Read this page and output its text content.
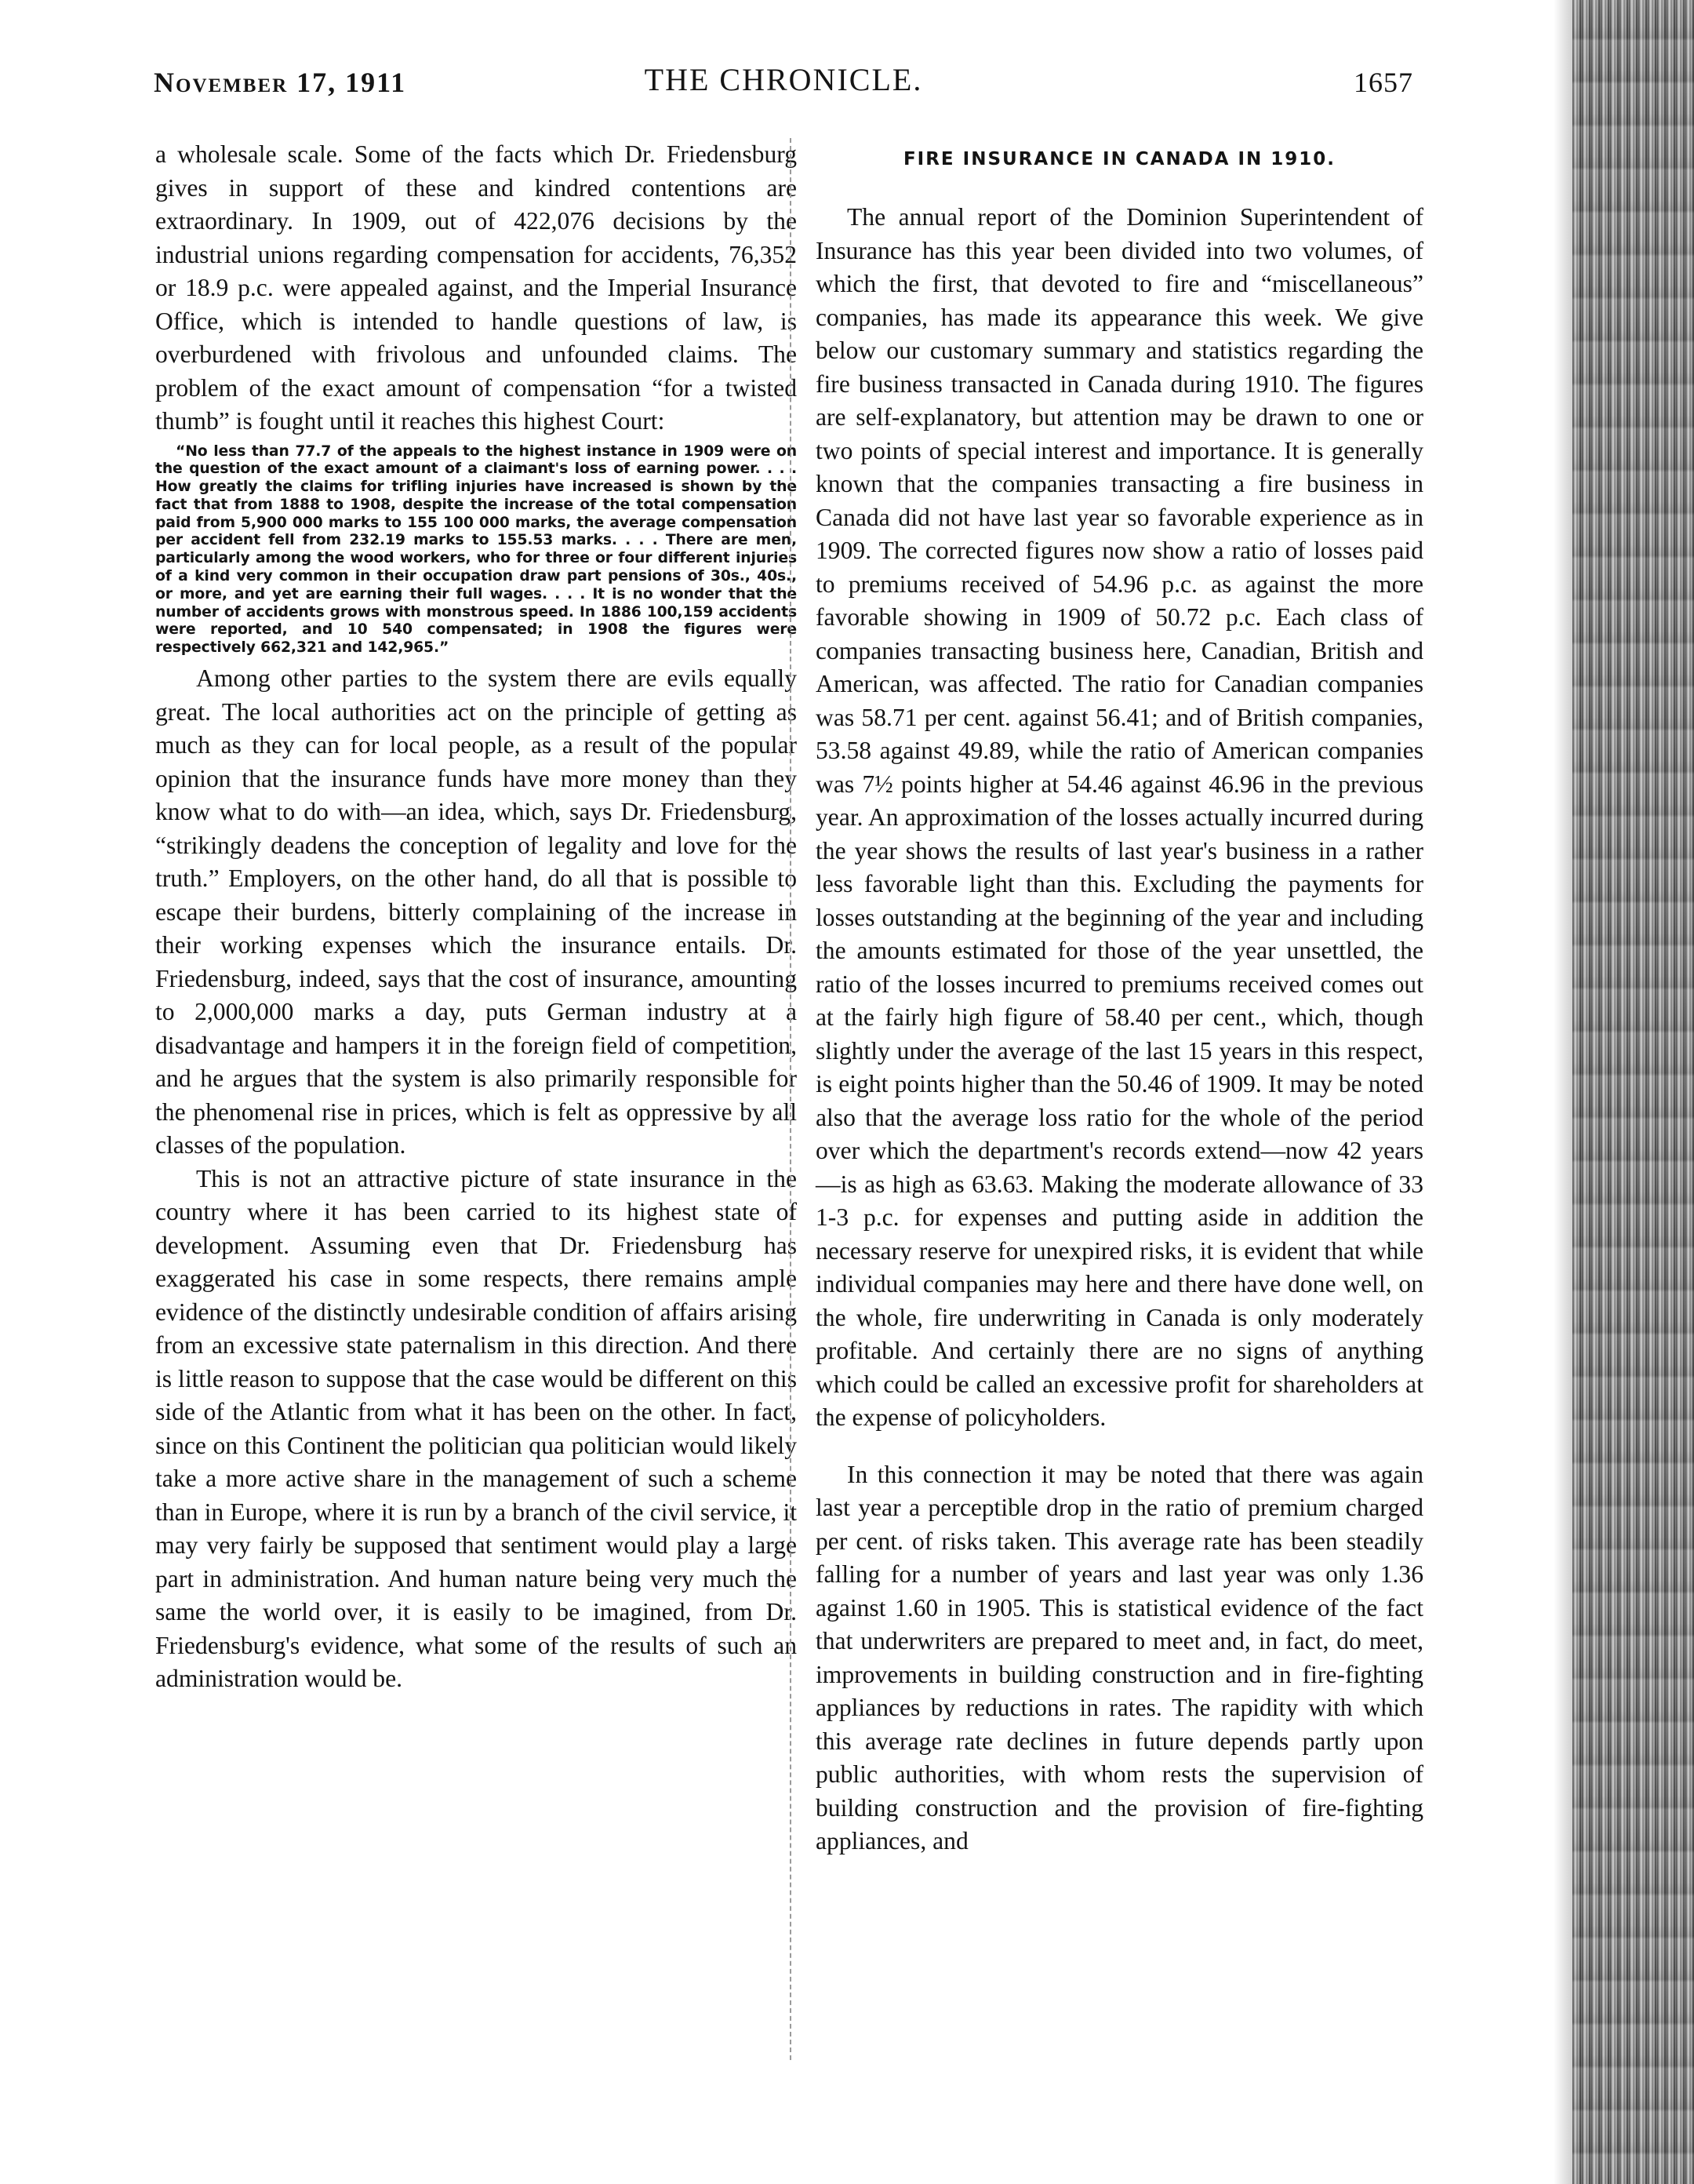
November 17, 1911	THE CHRONICLE.	1657

a wholesale scale. Some of the facts which Dr. Friedensburg gives in support of these and kindred contentions are extraordinary. In 1909, out of 422,076 decisions by the industrial unions regarding compensation for accidents, 76,352 or 18.9 p.c. were appealed against, and the Imperial Insurance Office, which is intended to handle questions of law, is overburdened with frivolous and unfounded claims. The problem of the exact amount of compensation “for a twisted thumb” is fought until it reaches this highest Court:

“No less than 77.7 of the appeals to the highest instance in 1909 were on the question of the exact amount of a claimant's loss of earning power. . . . How greatly the claims for trifling injuries have increased is shown by the fact that from 1888 to 1908, despite the increase of the total compensation paid from 5,900 000 marks to 155 100 000 marks, the average compensation per accident fell from 232.19 marks to 155.53 marks. . . . There are men, particularly among the wood workers, who for three or four different injuries of a kind very common in their occupation draw part pensions of 30s., 40s., or more, and yet are earning their full wages. . . . It is no wonder that the number of accidents grows with monstrous speed. In 1886 100,159 accidents were reported, and 10 540 compensated; in 1908 the figures were respectively 662,321 and 142,965.”

Among other parties to the system there are evils equally great. The local authorities act on the principle of getting as much as they can for local people, as a result of the popular opinion that the insurance funds have more money than they know what to do with—an idea, which, says Dr. Friedensburg, “strikingly deadens the conception of legality and love for the truth.” Employers, on the other hand, do all that is possible to escape their burdens, bitterly complaining of the increase in their working expenses which the insurance entails. Dr. Friedensburg, indeed, says that the cost of insurance, amounting to 2,000,000 marks a day, puts German industry at a disadvantage and hampers it in the foreign field of competition, and he argues that the system is also primarily responsible for the phenomenal rise in prices, which is felt as oppressive by all classes of the population.

This is not an attractive picture of state insurance in the country where it has been carried to its highest state of development. Assuming even that Dr. Friedensburg has exaggerated his case in some respects, there remains ample evidence of the distinctly undesirable condition of affairs arising from an excessive state paternalism in this direction. And there is little reason to suppose that the case would be different on this side of the Atlantic from what it has been on the other. In fact, since on this Continent the politician qua politician would likely take a more active share in the management of such a scheme than in Europe, where it is run by a branch of the civil service, it may very fairly be supposed that sentiment would play a large part in administration. And human nature being very much the same the world over, it is easily to be imagined, from Dr. Friedensburg's evidence, what some of the results of such an administration would be.

FIRE INSURANCE IN CANADA IN 1910.

The annual report of the Dominion Superintendent of Insurance has this year been divided into two volumes, of which the first, that devoted to fire and “miscellaneous” companies, has made its appearance this week. We give below our customary summary and statistics regarding the fire business transacted in Canada during 1910. The figures are self-explanatory, but attention may be drawn to one or two points of special interest and importance. It is generally known that the companies transacting a fire business in Canada did not have last year so favorable experience as in 1909. The corrected figures now show a ratio of losses paid to premiums received of 54.96 p.c. as against the more favorable showing in 1909 of 50.72 p.c. Each class of companies transacting business here, Canadian, British and American, was affected. The ratio for Canadian companies was 58.71 per cent. against 56.41; and of British companies, 53.58 against 49.89, while the ratio of American companies was 7½ points higher at 54.46 against 46.96 in the previous year. An approximation of the losses actually incurred during the year shows the results of last year's business in a rather less favorable light than this. Excluding the payments for losses outstanding at the beginning of the year and including the amounts estimated for those of the year unsettled, the ratio of the losses incurred to premiums received comes out at the fairly high figure of 58.40 per cent., which, though slightly under the average of the last 15 years in this respect, is eight points higher than the 50.46 of 1909. It may be noted also that the average loss ratio for the whole of the period over which the department's records extend—now 42 years—is as high as 63.63. Making the moderate allowance of 33 1-3 p.c. for expenses and putting aside in addition the necessary reserve for unexpired risks, it is evident that while individual companies may here and there have done well, on the whole, fire underwriting in Canada is only moderately profitable. And certainly there are no signs of anything which could be called an excessive profit for shareholders at the expense of policyholders.

In this connection it may be noted that there was again last year a perceptible drop in the ratio of premium charged per cent. of risks taken. This average rate has been steadily falling for a number of years and last year was only 1.36 against 1.60 in 1905. This is statistical evidence of the fact that underwriters are prepared to meet and, in fact, do meet, improvements in building construction and in fire-fighting appliances by reductions in rates. The rapidity with which this average rate declines in future depends partly upon public authorities, with whom rests the supervision of building construction and the provision of fire-fighting appliances, and
